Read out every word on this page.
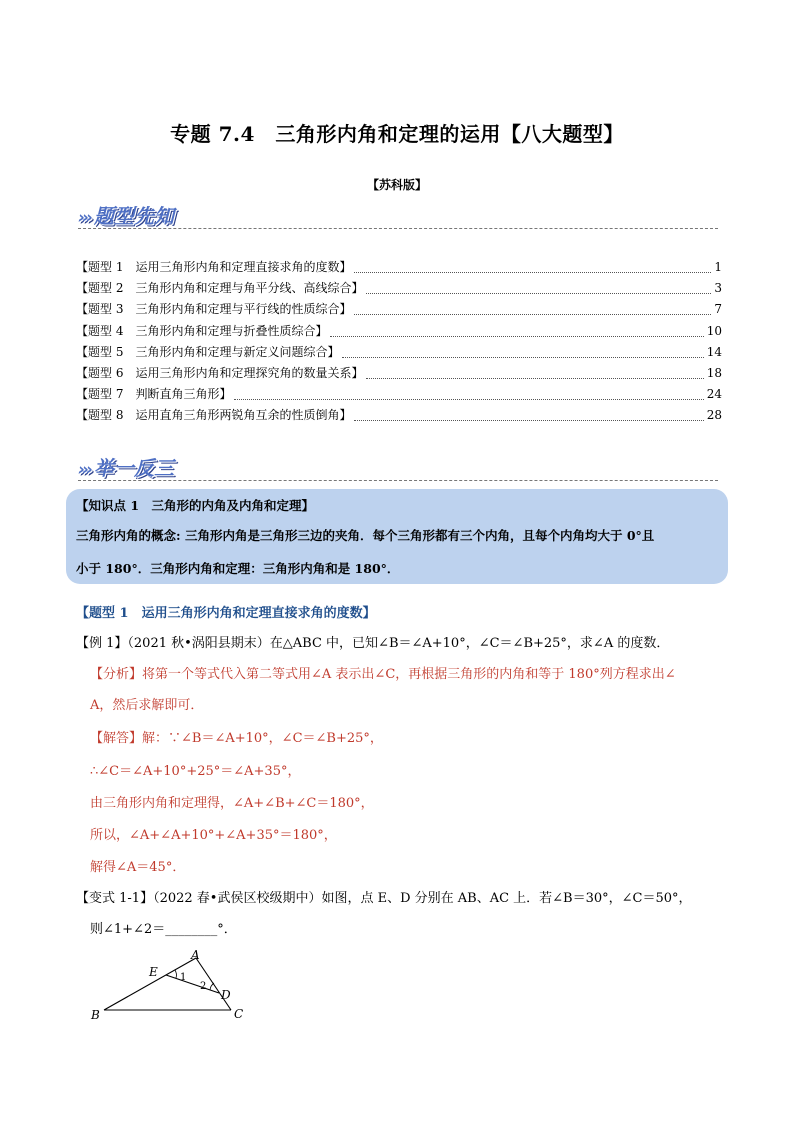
专题 7.4　三角形内角和定理的运用【八大题型】
【苏科版】
››› 题型先知
【题型 1　运用三角形内角和定理直接求角的度数】	1
【题型 2　三角形内角和定理与角平分线、高线综合】	3
【题型 3　三角形内角和定理与平行线的性质综合】	7
【题型 4　三角形内角和定理与折叠性质综合】	10
【题型 5　三角形内角和定理与新定义问题综合】	14
【题型 6　运用三角形内角和定理探究角的数量关系】	18
【题型 7　判断直角三角形】	24
【题型 8　运用直角三角形两锐角互余的性质倒角】	28
››› 举一反三
【知识点 1　三角形的内角及内角和定理】
三角形内角的概念: 三角形内角是三角形三边的夹角．每个三角形都有三个内角，且每个内角均大于 0°且
小于 180°．三角形内角和定理：三角形内角和是 180°．
【题型 1　运用三角形内角和定理直接求角的度数】
【例 1】（2021 秋•涡阳县期末）在△ABC 中，已知∠B＝∠A+10°，∠C＝∠B+25°，求∠A 的度数．
【分析】将第一个等式代入第二等式用∠A 表示出∠C，再根据三角形的内角和等于 180°列方程求出∠
A，然后求解即可．
【解答】解：∵∠B＝∠A+10°，∠C＝∠B+25°，
∴∠C＝∠A+10°+25°＝∠A+35°，
由三角形内角和定理得，∠A+∠B+∠C＝180°，
所以，∠A+∠A+10°+∠A+35°＝180°，
解得∠A＝45°．
【变式 1-1】（2022 春•武侯区校级期中）如图，点 E、D 分别在 AB、AC 上．若∠B＝30°，∠C＝50°，
则∠1+∠2＝________°．
A
B	C
D
E 1
2
